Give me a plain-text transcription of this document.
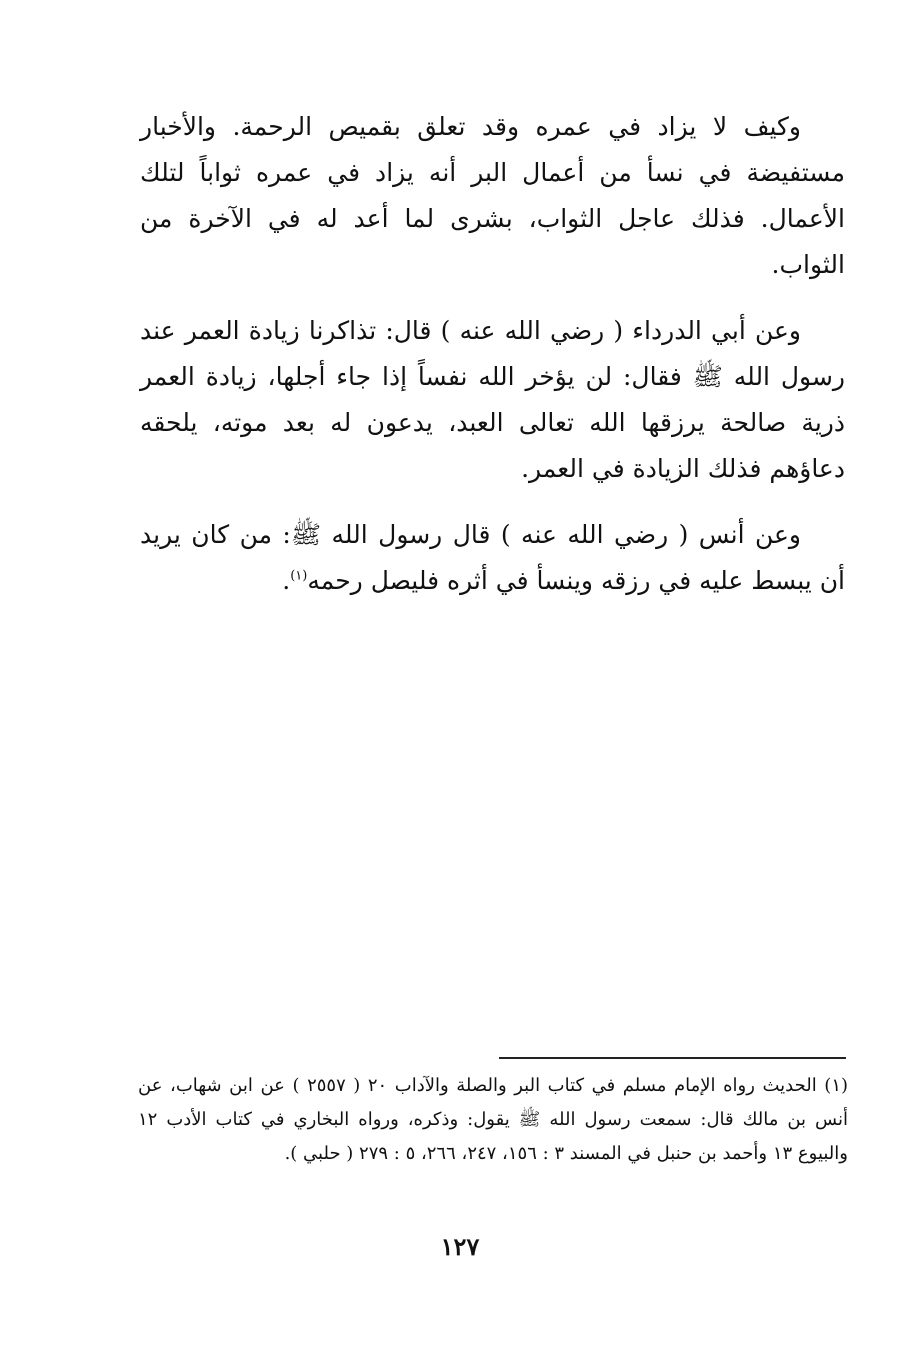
وكيف لا يزاد في عمره وقد تعلق بقميص الرحمة. والأخبار مستفيضة في نسأ من أعمال البر أنه يزاد في عمره ثواباً لتلك الأعمال. فذلك عاجل الثواب، بشرى لما أعد له في الآخرة من الثواب.

وعن أبي الدرداء ( رضي الله عنه ) قال: تذاكرنا زيادة العمر عند رسول الله ﷺ فقال: لن يؤخر الله نفساً إذا جاء أجلها، زيادة العمر ذرية صالحة يرزقها الله تعالى العبد، يدعون له بعد موته، يلحقه دعاؤهم فذلك الزيادة في العمر.

وعن أنس ( رضي الله عنه ) قال رسول الله ﷺ: من كان يريد أن يبسط عليه في رزقه وينسأ في أثره فليصل رحمه$^{(١)}$.

(١) الحديث رواه الإمام مسلم في كتاب البر والصلة والآداب ٢٠ ( ٢٥٥٧ ) عن ابن شهاب، عن أنس بن مالك قال: سمعت رسول الله ﷺ يقول: وذكره، ورواه البخاري في كتاب الأدب ١٢ والبيوع ١٣ وأحمد بن حنبل في المسند ٣ : ١٥٦، ٢٤٧، ٢٦٦، ٥ : ٢٧٩ ( حلبي ).

١٢٧
